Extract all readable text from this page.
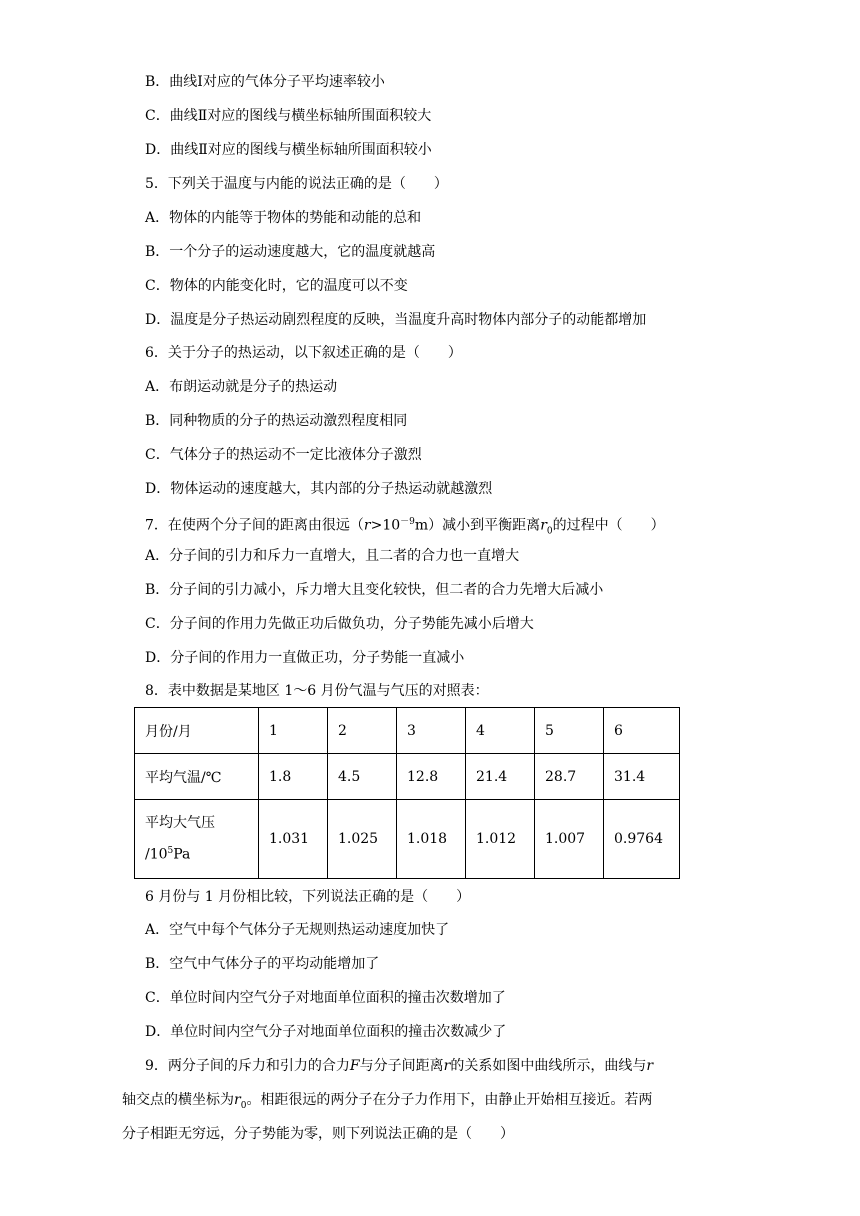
B．曲线Ⅰ对应的气体分子平均速率较小
C．曲线Ⅱ对应的图线与横坐标轴所围面积较大
D．曲线Ⅱ对应的图线与横坐标轴所围面积较小
5．下列关于温度与内能的说法正确的是（　　）
A．物体的内能等于物体的势能和动能的总和
B．一个分子的运动速度越大，它的温度就越高
C．物体的内能变化时，它的温度可以不变
D．温度是分子热运动剧烈程度的反映，当温度升高时物体内部分子的动能都增加
6．关于分子的热运动，以下叙述正确的是（　　）
A．布朗运动就是分子的热运动
B．同种物质的分子的热运动激烈程度相同
C．气体分子的热运动不一定比液体分子激烈
D．物体运动的速度越大，其内部的分子热运动就越激烈
7．在使两个分子间的距离由很远$(r>10^{-9}m)$减小到平衡距离$r_0$的过程中（　　）
A．分子间的引力和斥力一直增大，且二者的合力也一直增大
B．分子间的引力减小，斥力增大且变化较快，但二者的合力先增大后减小
C．分子间的作用力先做正功后做负功，分子势能先减小后增大
D．分子间的作用力一直做正功，分子势能一直减小
8．表中数据是某地区 1～6 月份气温与气压的对照表：
月份/月	1	2	3	4	5	6
平均气温/℃	1.8	4.5	12.8	21.4	28.7	31.4
平均大气压
$/10^5Pa$	1.031	1.025	1.018	1.012	1.007	0.9764
6 月份与 1 月份相比较，下列说法正确的是（　　）
A．空气中每个气体分子无规则热运动速度加快了
B．空气中气体分子的平均动能增加了
C．单位时间内空气分子对地面单位面积的撞击次数增加了
D．单位时间内空气分子对地面单位面积的撞击次数减少了
9．两分子间的斥力和引力的合力F与分子间距离r的关系如图中曲线所示，曲线与r
轴交点的横坐标为$r_0$。相距很远的两分子在分子力作用下，由静止开始相互接近。若两
分子相距无穷远，分子势能为零，则下列说法正确的是（　　）
